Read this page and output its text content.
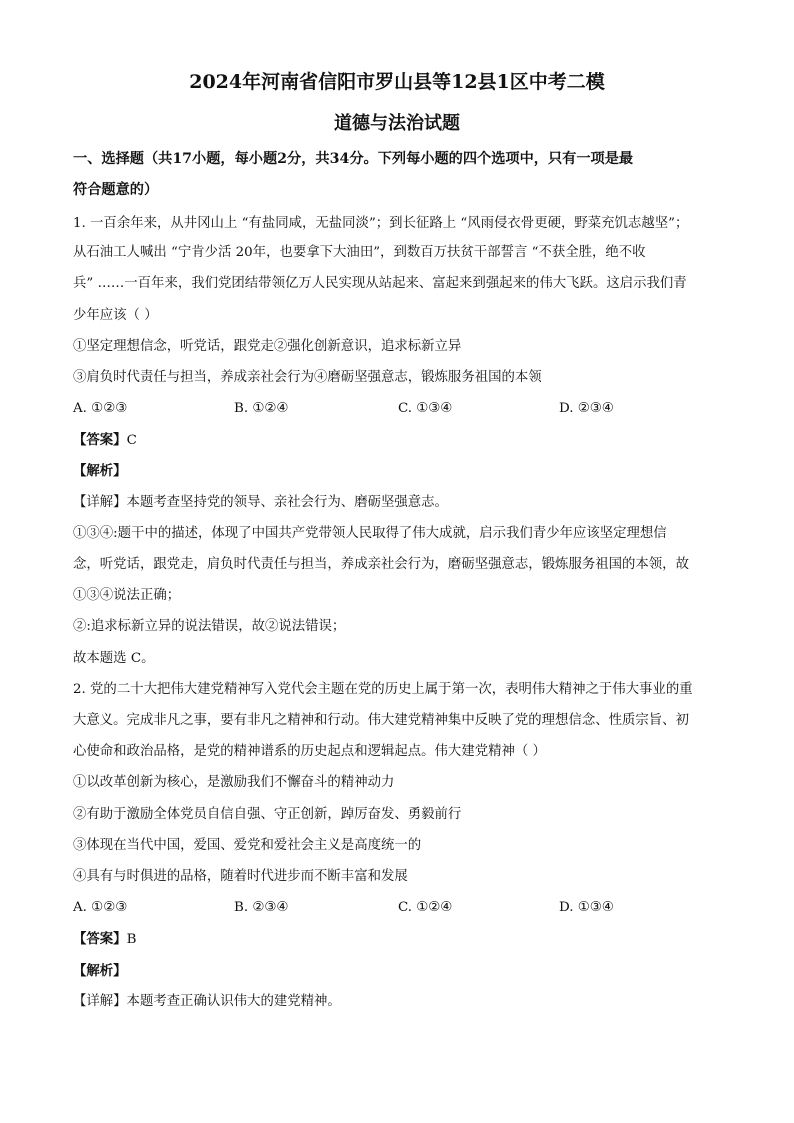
2024年河南省信阳市罗山县等12县1区中考二模
道德与法治试题
一、选择题（共17小题，每小题2分，共34分。下列每小题的四个选项中，只有一项是最
符合题意的）
1. 一百余年来，从井冈山上 “有盐同咸，无盐同淡”；到长征路上 “风雨侵衣骨更硬，野菜充饥志越坚”；
从石油工人喊出 “宁肯少活 20年，也要拿下大油田”，到数百万扶贫干部誓言 “不获全胜，绝不收
兵” ……一百年来，我们党团结带领亿万人民实现从站起来、富起来到强起来的伟大飞跃。这启示我们青
少年应该（ ）
①坚定理想信念，听党话，跟党走②强化创新意识，追求标新立异
③肩负时代责任与担当，养成亲社会行为④磨砺坚强意志，锻炼服务祖国的本领
A. ①②③	B. ①②④	C. ①③④	D. ②③④
【答案】C
【解析】
【详解】本题考查坚持党的领导、亲社会行为、磨砺坚强意志。
①③④:题干中的描述，体现了中国共产党带领人民取得了伟大成就，启示我们青少年应该坚定理想信
念，听党话，跟党走，肩负时代责任与担当，养成亲社会行为，磨砺坚强意志，锻炼服务祖国的本领，故
①③④说法正确；
②:追求标新立异的说法错误，故②说法错误；
故本题选 C。
2. 党的二十大把伟大建党精神写入党代会主题在党的历史上属于第一次，表明伟大精神之于伟大事业的重
大意义。完成非凡之事，要有非凡之精神和行动。伟大建党精神集中反映了党的理想信念、性质宗旨、初
心使命和政治品格，是党的精神谱系的历史起点和逻辑起点。伟大建党精神（ ）
①以改革创新为核心，是激励我们不懈奋斗的精神动力
②有助于激励全体党员自信自强、守正创新，踔厉奋发、勇毅前行
③体现在当代中国，爱国、爱党和爱社会主义是高度统一的
④具有与时俱进的品格，随着时代进步而不断丰富和发展
A. ①②③	B. ②③④	C. ①②④	D. ①③④
【答案】B
【解析】
【详解】本题考查正确认识伟大的建党精神。
